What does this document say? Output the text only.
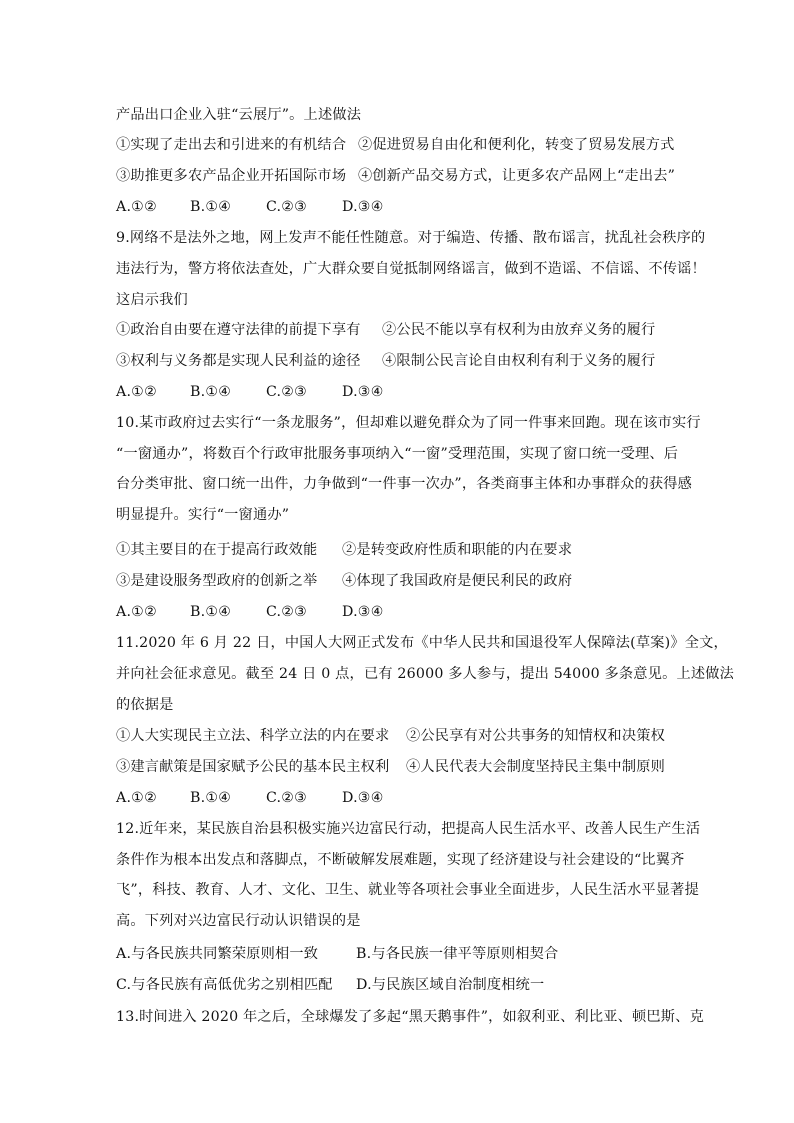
产品出口企业入驻“云展厅”。上述做法
①实现了走出去和引进来的有机结合 ②促进贸易自由化和便利化，转变了贸易发展方式
③助推更多农产品企业开拓国际市场 ④创新产品交易方式，让更多农产品网上“走出去”
A.①② B.①④ C.②③ D.③④
9.网络不是法外之地，网上发声不能任性随意。对于编造、传播、散布谣言，扰乱社会秩序的
违法行为，警方将依法查处，广大群众要自觉抵制网络谣言，做到不造谣、不信谣、不传谣！
这启示我们
①政治自由要在遵守法律的前提下享有 ②公民不能以享有权利为由放弃义务的履行
③权利与义务都是实现人民利益的途径 ④限制公民言论自由权利有利于义务的履行
A.①② B.①④ C.②③ D.③④
10.某市政府过去实行“一条龙服务”，但却难以避免群众为了同一件事来回跑。现在该市实行
“一窗通办”，将数百个行政审批服务事项纳入“一窗”受理范围，实现了窗口统一受理、后
台分类审批、窗口统一出件，力争做到“一件事一次办”，各类商事主体和办事群众的获得感
明显提升。实行“一窗通办”
①其主要目的在于提高行政效能 ②是转变政府性质和职能的内在要求
③是建设服务型政府的创新之举 ④体现了我国政府是便民利民的政府
A.①② B.①④ C.②③ D.③④
11.2020 年 6 月 22 日，中国人大网正式发布《中华人民共和国退役军人保障法(草案)》全文，
并向社会征求意见。截至 24 日 0 点，已有 26000 多人参与，提出 54000 多条意见。上述做法
的依据是
①人大实现民主立法、科学立法的内在要求 ②公民享有对公共事务的知情权和决策权
③建言献策是国家赋予公民的基本民主权利 ④人民代表大会制度坚持民主集中制原则
A.①② B.①④ C.②③ D.③④
12.近年来，某民族自治县积极实施兴边富民行动，把提高人民生活水平、改善人民生产生活
条件作为根本出发点和落脚点，不断破解发展难题，实现了经济建设与社会建设的“比翼齐
飞”，科技、教育、人才、文化、卫生、就业等各项社会事业全面进步，人民生活水平显著提
高。下列对兴边富民行动认识错误的是
A.与各民族共同繁荣原则相一致	B.与各民族一律平等原则相契合
C.与各民族有高低优劣之别相匹配 D.与民族区域自治制度相统一
13.时间进入 2020 年之后，全球爆发了多起“黑天鹅事件”，如叙利亚、利比亚、顿巴斯、克
